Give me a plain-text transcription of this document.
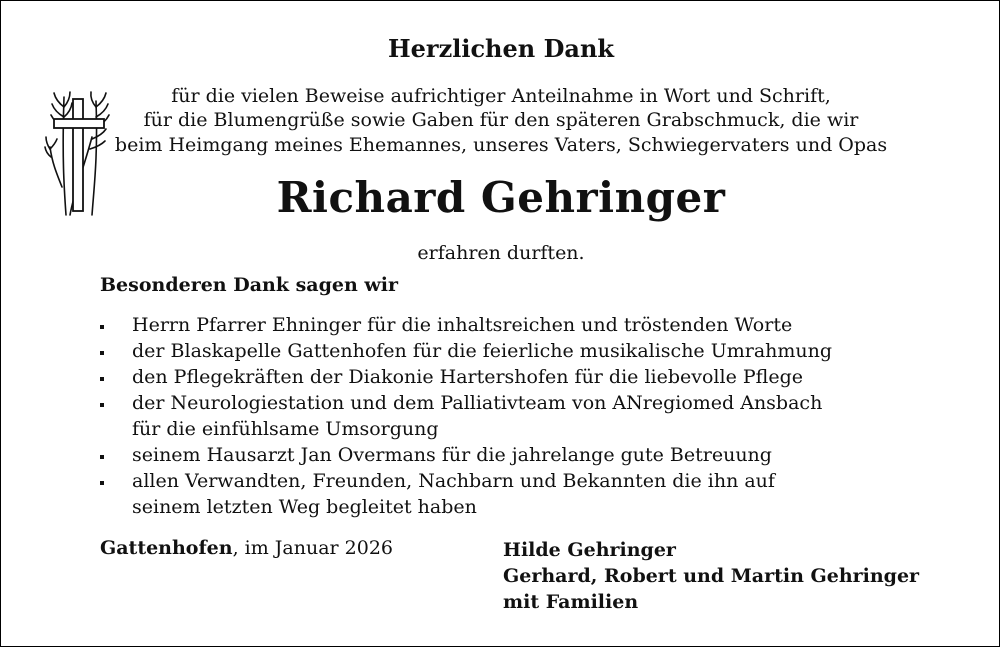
Herzlichen Dank
für die vielen Beweise aufrichtiger Anteilnahme in Wort und Schrift,
für die Blumengrüße sowie Gaben für den späteren Grabschmuck, die wir
beim Heimgang meines Ehemannes, unseres Vaters, Schwiegervaters und Opas
Richard Gehringer
erfahren durften.
Besonderen Dank sagen wir
Herrn Pfarrer Ehninger für die inhaltsreichen und tröstenden Worte
der Blaskapelle Gattenhofen für die feierliche musikalische Umrahmung
den Pflegekräften der Diakonie Hartershofen für die liebevolle Pflege
der Neurologiestation und dem Palliativteam von ANregiomed Ansbach
für die einfühlsame Umsorgung
seinem Hausarzt Jan Overmans für die jahrelange gute Betreuung
allen Verwandten, Freunden, Nachbarn und Bekannten die ihn auf
seinem letzten Weg begleitet haben
Gattenhofen, im Januar 2026	Hilde Gehringer
Gerhard, Robert und Martin Gehringer
mit Familien
